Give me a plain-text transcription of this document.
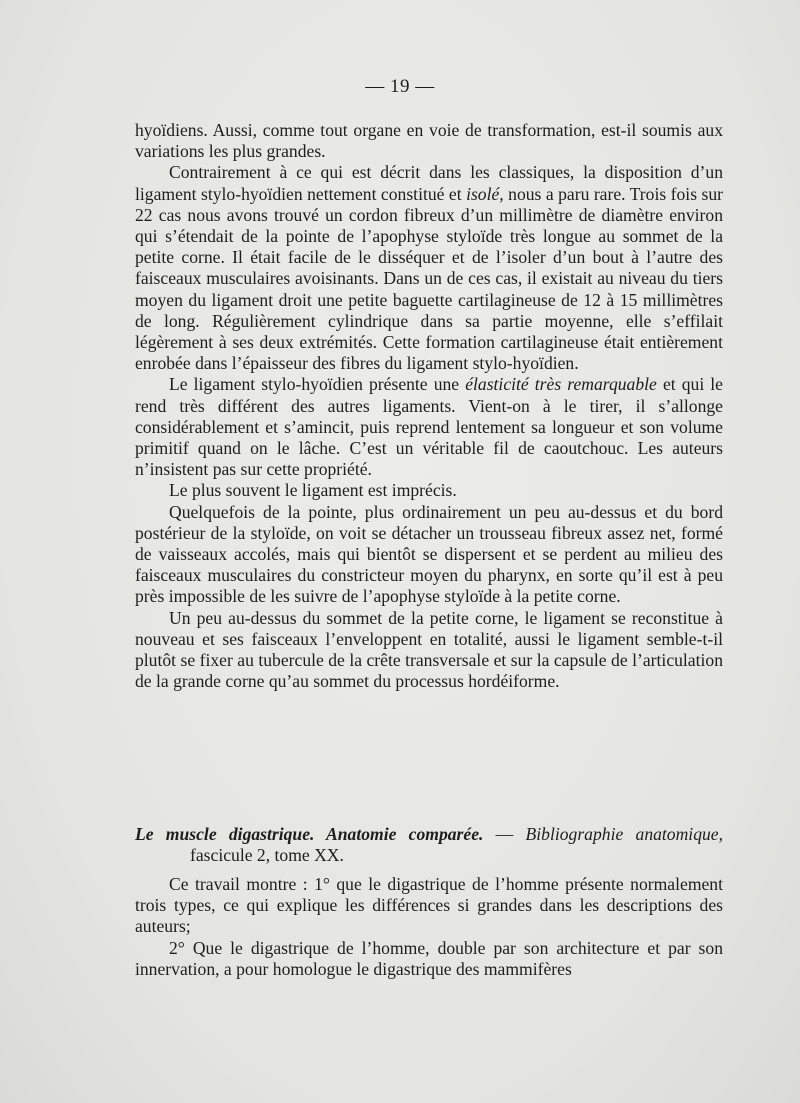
— 19 —

hyoïdiens. Aussi, comme tout organe en voie de transformation, est-il soumis aux variations les plus grandes.

Contrairement à ce qui est décrit dans les classiques, la disposition d’un ligament stylo-hyoïdien nettement constitué et isolé, nous a paru rare. Trois fois sur 22 cas nous avons trouvé un cordon fibreux d’un millimètre de diamètre environ qui s’étendait de la pointe de l’apophyse styloïde très longue au sommet de la petite corne. Il était facile de le disséquer et de l’isoler d’un bout à l’autre des faisceaux musculaires avoisinants. Dans un de ces cas, il existait au niveau du tiers moyen du ligament droit une petite baguette cartilagineuse de 12 à 15 millimètres de long. Régulièrement cylindrique dans sa partie moyenne, elle s’effilait légèrement à ses deux extrémités. Cette formation cartilagineuse était entièrement enrobée dans l’épaisseur des fibres du ligament stylo-hyoïdien.

Le ligament stylo-hyoïdien présente une élasticité très remarquable et qui le rend très différent des autres ligaments. Vient-on à le tirer, il s’allonge considérablement et s’amincit, puis reprend lentement sa longueur et son volume primitif quand on le lâche. C’est un véritable fil de caoutchouc. Les auteurs n’insistent pas sur cette propriété.

Le plus souvent le ligament est imprécis.

Quelquefois de la pointe, plus ordinairement un peu au-dessus et du bord postérieur de la styloïde, on voit se détacher un trousseau fibreux assez net, formé de vaisseaux accolés, mais qui bientôt se dispersent et se perdent au milieu des faisceaux musculaires du constricteur moyen du pharynx, en sorte qu’il est à peu près impossible de les suivre de l’apophyse styloïde à la petite corne.

Un peu au-dessus du sommet de la petite corne, le ligament se reconstitue à nouveau et ses faisceaux l’enveloppent en totalité, aussi le ligament semble-t-il plutôt se fixer au tubercule de la crête transversale et sur la capsule de l’articulation de la grande corne qu’au sommet du processus hordéiforme.

Le muscle digastrique. Anatomie comparée. — Bibliographie anatomique, fascicule 2, tome XX.

Ce travail montre : 1° que le digastrique de l’homme présente normalement trois types, ce qui explique les différences si grandes dans les descriptions des auteurs;

2° Que le digastrique de l’homme, double par son architecture et par son innervation, a pour homologue le digastrique des mammifères
